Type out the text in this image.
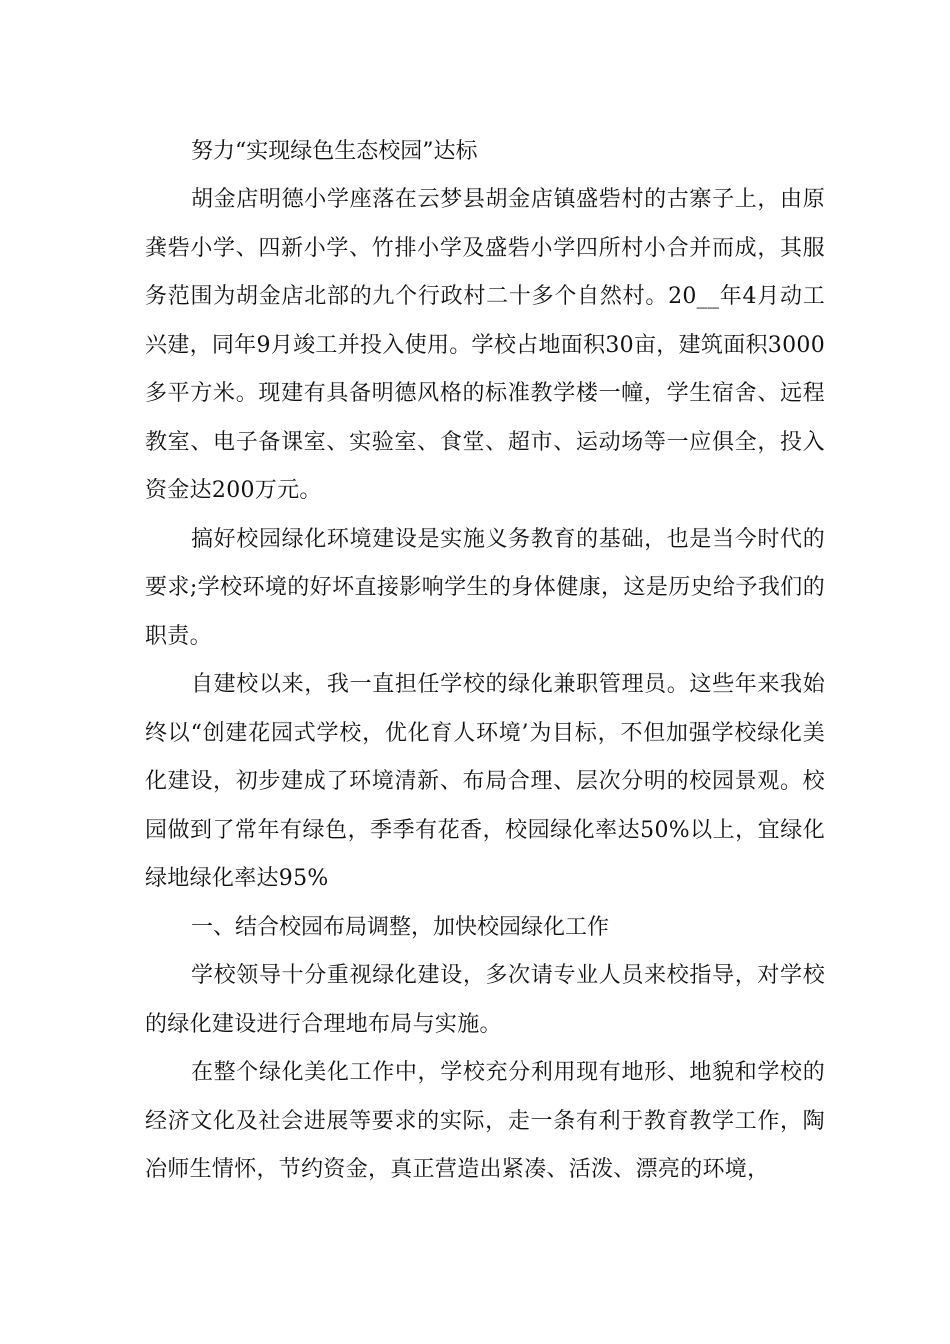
努力“实现绿色生态校园”达标

胡金店明德小学座落在云梦县胡金店镇盛砦村的古寨子上，由原龚砦小学、四新小学、竹排小学及盛砦小学四所村小合并而成，其服务范围为胡金店北部的九个行政村二十多个自然村。20__年4月动工兴建，同年9月竣工并投入使用。学校占地面积30亩，建筑面积3000多平方米。现建有具备明德风格的标准教学楼一幢，学生宿舍、远程教室、电子备课室、实验室、食堂、超市、运动场等一应俱全，投入资金达200万元。

搞好校园绿化环境建设是实施义务教育的基础，也是当今时代的要求;学校环境的好坏直接影响学生的身体健康，这是历史给予我们的职责。

自建校以来，我一直担任学校的绿化兼职管理员。这些年来我始终以“创建花园式学校，优化育人环境’为目标，不但加强学校绿化美化建设，初步建成了环境清新、布局合理、层次分明的校园景观。校园做到了常年有绿色，季季有花香，校园绿化率达50%以上，宜绿化绿地绿化率达95%

一、结合校园布局调整，加快校园绿化工作

学校领导十分重视绿化建设，多次请专业人员来校指导，对学校的绿化建设进行合理地布局与实施。

在整个绿化美化工作中，学校充分利用现有地形、地貌和学校的经济文化及社会进展等要求的实际，走一条有利于教育教学工作，陶冶师生情怀，节约资金，真正营造出紧凑、活泼、漂亮的环境，
